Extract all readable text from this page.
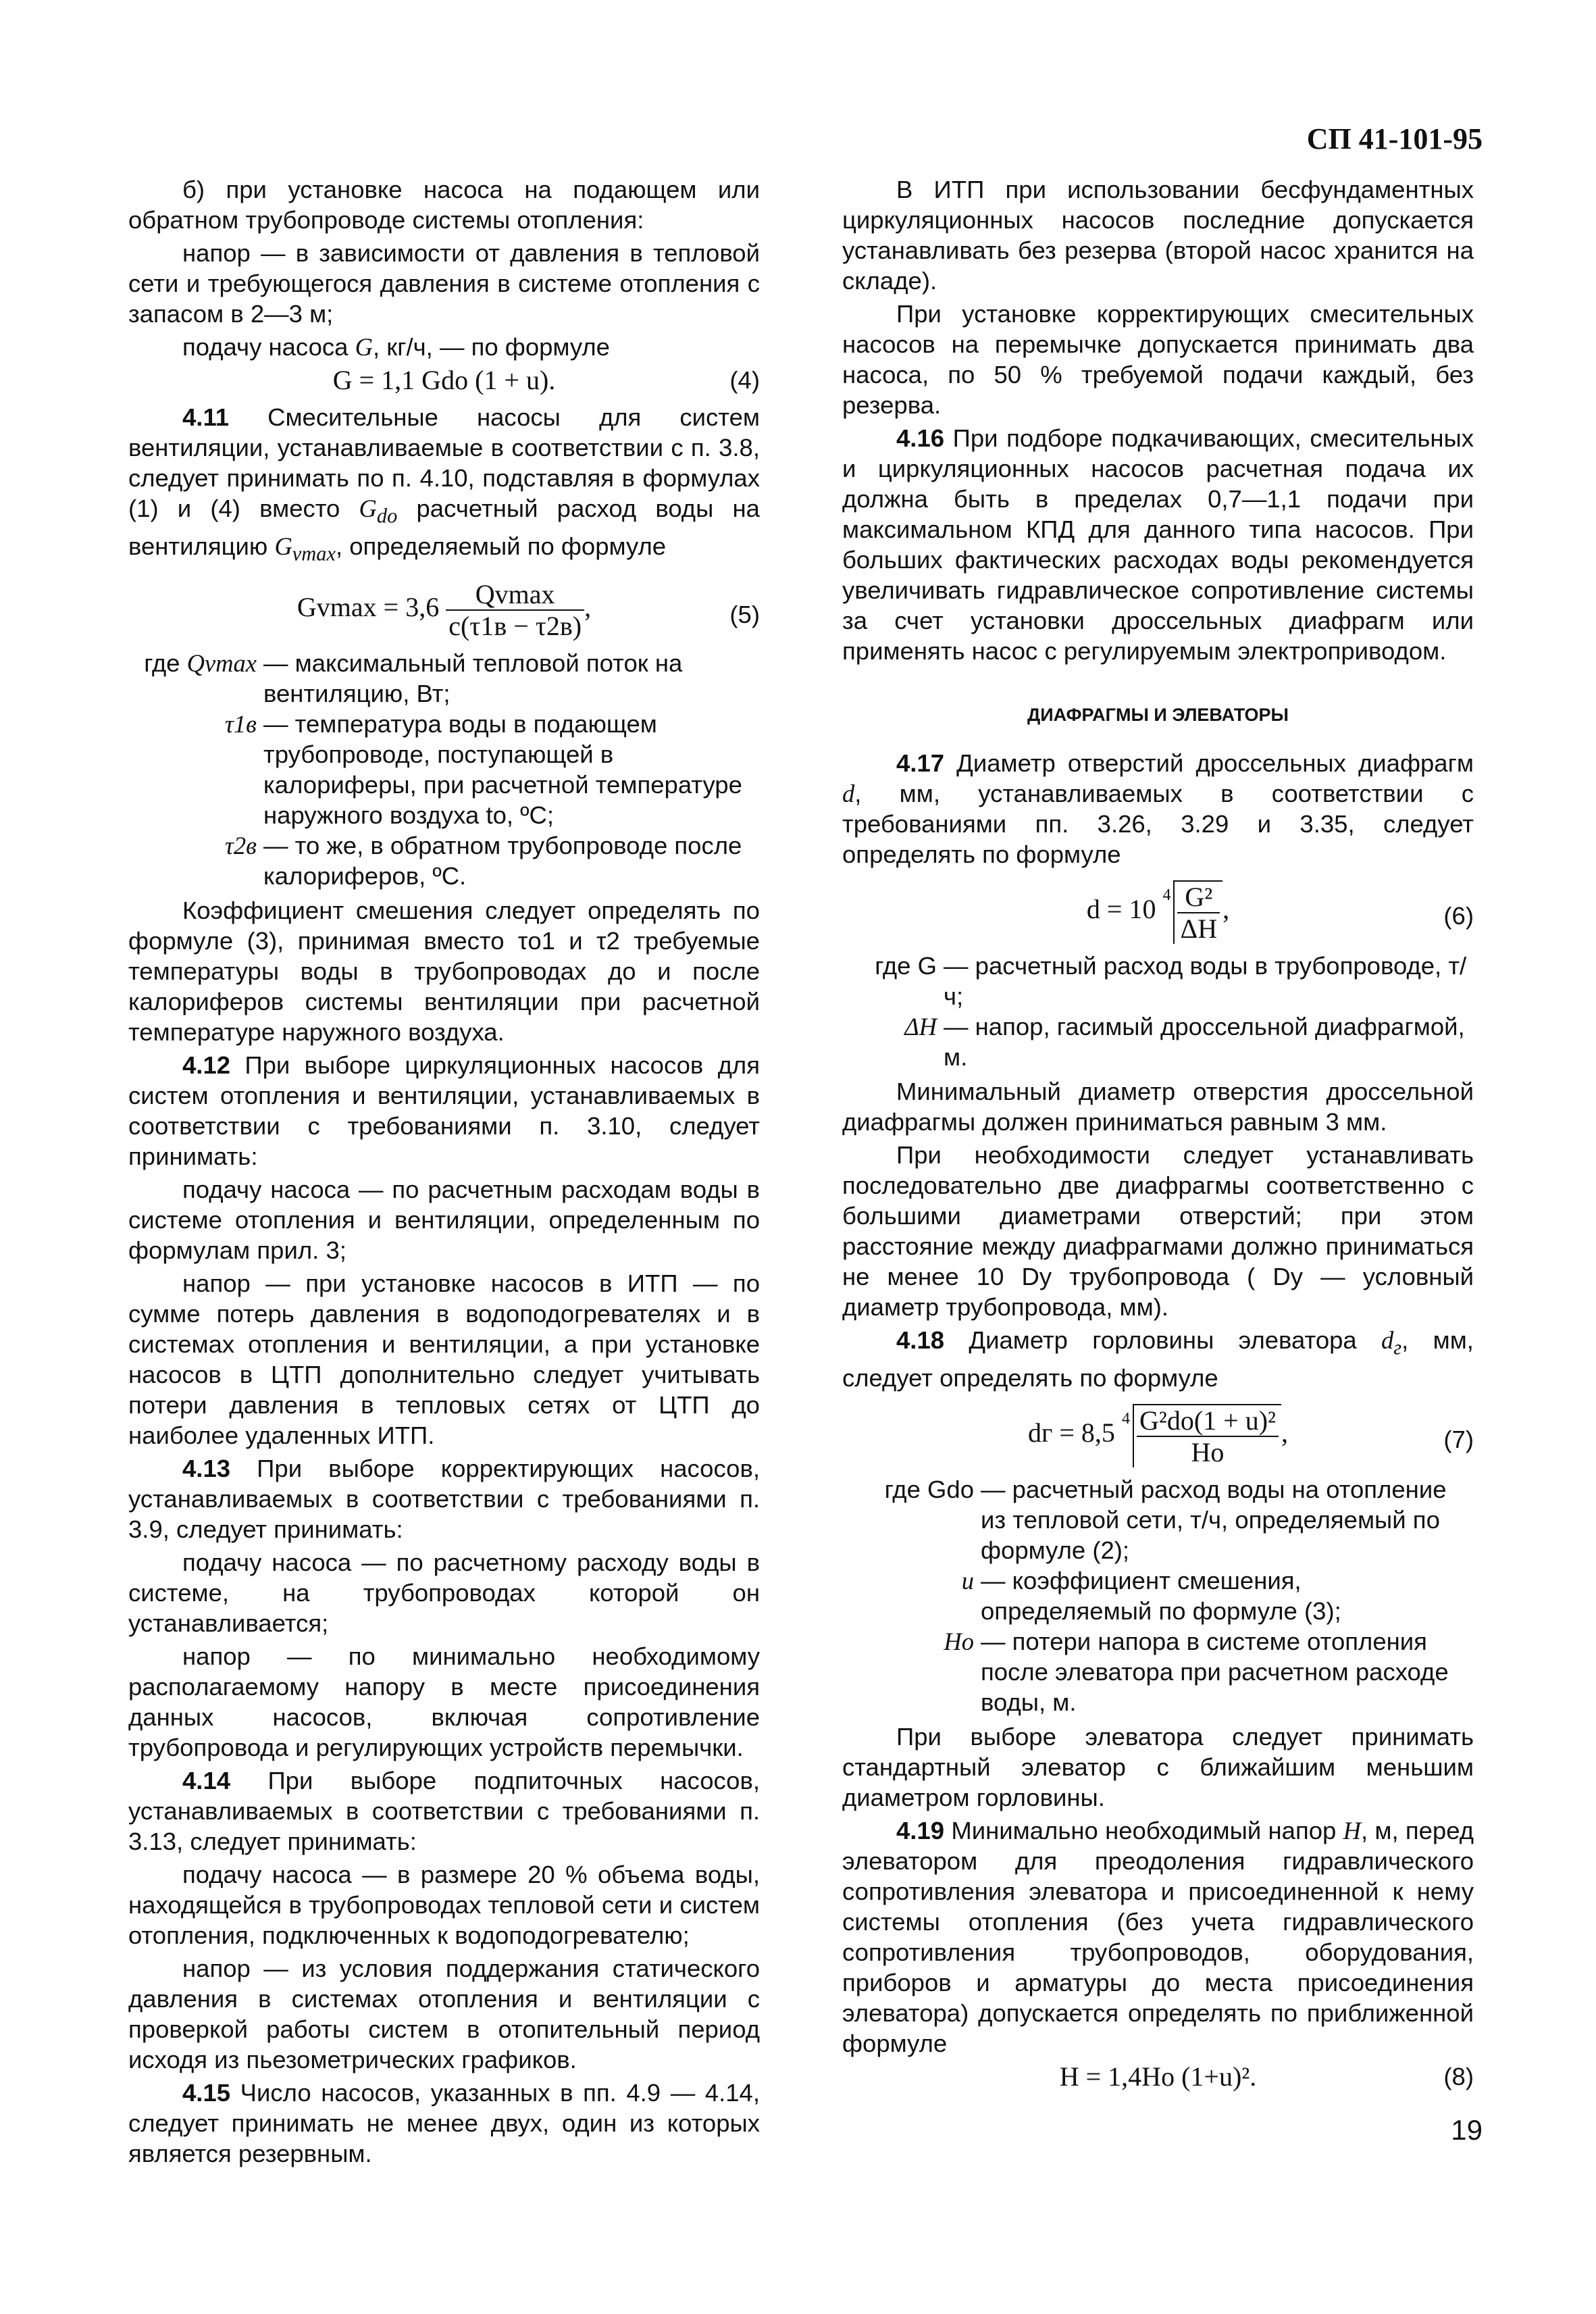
СП 41-101-95

б) при установке насоса на подающем или обратном трубопроводе системы отопления:

напор — в зависимости от давления в тепловой сети и требующегося давления в системе отопления с запасом в 2—3 м;

подачу насоса G, кг/ч, — по формуле

G = 1,1 Gdo (1 + u).	(4)

4.11 Смесительные насосы для систем вентиляции, устанавливаемые в соответствии с п. 3.8, следует принимать по п. 4.10, подставляя в формулах (1) и (4) вместо $G_{do}$ расчетный расход воды на вентиляцию $G_{vmax}$, определяемый по формуле

$Gvmax = 3,6 \frac{Qvmax}{c(\tau 1в - \tau 2в)}$ ,	(5)
где Qvmax — максимальный тепловой поток на вентиляцию, Вт;
τ1в — температура воды в подающем трубопроводе, поступающей в калориферы, при расчетной температуре наружного воздуха to, ºС;
τ2в — то же, в обратном трубопроводе после калориферов, ºС.

Коэффициент смешения следует определять по формуле (3), принимая вместо τo1 и τ2 требуемые температуры воды в трубопроводах до и после калориферов системы вентиляции при расчетной температуре наружного воздуха.

4.12 При выборе циркуляционных насосов для систем отопления и вентиляции, устанавливаемых в соответствии с требованиями п. 3.10, следует принимать:

подачу насоса — по расчетным расходам воды в системе отопления и вентиляции, определенным по формулам прил. 3;

напор — при установке насосов в ИТП — по сумме потерь давления в водоподогревателях и в системах отопления и вентиляции, а при установке насосов в ЦТП дополнительно следует учитывать потери давления в тепловых сетях от ЦТП до наиболее удаленных ИТП.

4.13 При выборе корректирующих насосов, устанавливаемых в соответствии с требованиями п. 3.9, следует принимать:

подачу насоса — по расчетному расходу воды в системе, на трубопроводах которой он устанавливается;

напор — по минимально необходимому располагаемому напору в месте присоединения данных насосов, включая сопротивление трубопровода и регулирующих устройств перемычки.

4.14 При выборе подпиточных насосов, устанавливаемых в соответствии с требованиями п. 3.13, следует принимать:

подачу насоса — в размере 20 % объема воды, находящейся в трубопроводах тепловой сети и систем отопления, подключенных к водоподогревателю;

напор — из условия поддержания статического давления в системах отопления и вентиляции с проверкой работы систем в отопительный период исходя из пьезометрических графиков.

4.15 Число насосов, указанных в пп. 4.9 — 4.14, следует принимать не менее двух, один из которых является резервным.

В ИТП при использовании бесфундаментных циркуляционных насосов последние допускается устанавливать без резерва (второй насос хранится на складе).

При установке корректирующих смесительных насосов на перемычке допускается принимать два насоса, по 50 % требуемой подачи каждый, без резерва.

4.16 При подборе подкачивающих, смесительных и циркуляционных насосов расчетная подача их должна быть в пределах 0,7—1,1 подачи при максимальном КПД для данного типа насосов. При больших фактических расходах воды рекомендуется увеличивать гидравлическое сопротивление системы за счет установки дроссельных диафрагм или применять насос с регулируемым электроприводом.

ДИАФРАГМЫ И ЭЛЕВАТОРЫ

4.17 Диаметр отверстий дроссельных диафрагм d, мм, устанавливаемых в соответствии с требованиями пп. 3.26, 3.29 и 3.35, следует определять по формуле

d = 10 $^4 \frac{\text{G²}}{\Delta H}$ ,	(6)
где G — расчетный расход воды в трубопроводе, т/ч;
ΔH — напор, гасимый дроссельной диафрагмой, м.

Минимальный диаметр отверстия дроссельной диафрагмы должен приниматься равным 3 мм.

При необходимости следует устанавливать последовательно две диафрагмы соответственно с большими диаметрами отверстий; при этом расстояние между диафрагмами должно приниматься не менее 10 Dу трубопровода ( Dу — условный диаметр трубопровода, мм).

4.18 Диаметр горловины элеватора $d_г$, мм, следует определять по формуле

dг = 8,5 $^4 \frac{\text{G²do(1 + u)²}}{Ho}$ ,	(7)
где Gdo — расчетный расход воды на отопление из тепловой сети, т/ч, определяемый по формуле (2);
u — коэффициент смешения, определяемый по формуле (3);
Ho — потери напора в системе отопления после элеватора при расчетном расходе воды, м.

При выборе элеватора следует принимать стандартный элеватор с ближайшим меньшим диаметром горловины.

4.19 Минимально необходимый напор H, м, перед элеватором для преодоления гидравлического сопротивления элеватора и присоединенной к нему системы отопления (без учета гидравлического сопротивления трубопроводов, оборудования, приборов и арматуры до места присоединения элеватора) допускается определять по приближенной формуле

H = 1,4Ho (1+u)².	(8)
19
